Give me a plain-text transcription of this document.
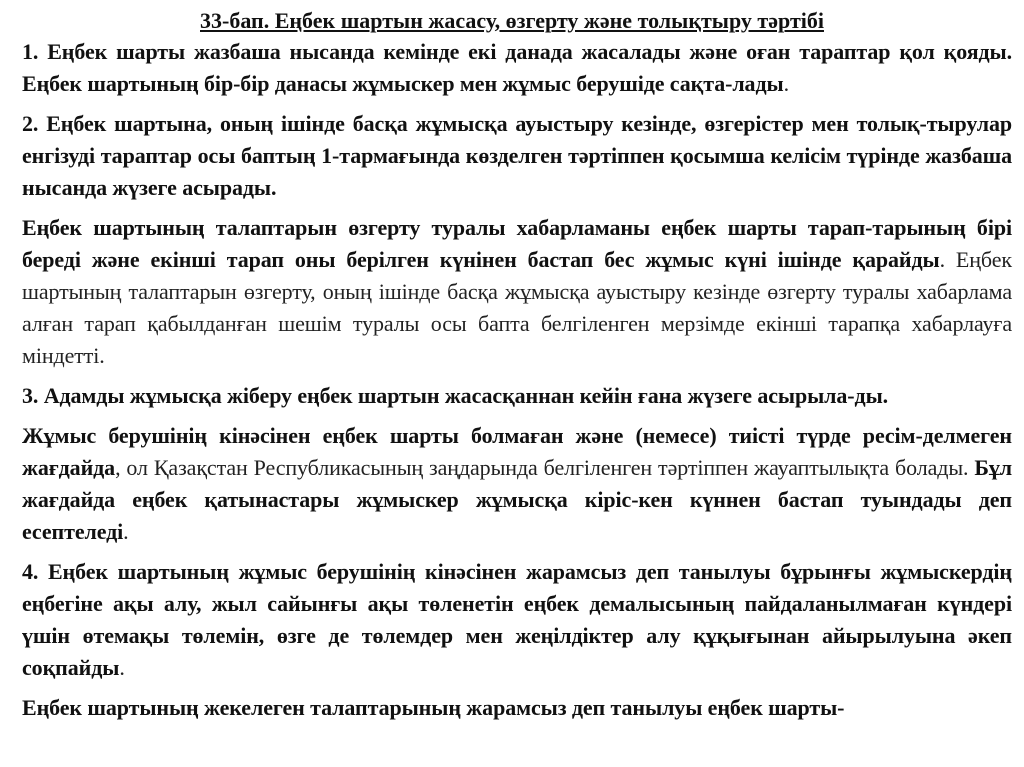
33-бап. Еңбек шартын жасасу, өзгерту және толықтыру тәртібі

1. Еңбек шарты жазбаша нысанда кемінде екі данада жасалады және оған тараптар қол қояды. Еңбек шартының бір-бір данасы жұмыскер мен жұмыс берушіде сақта-лады.

2. Еңбек шартына, оның ішінде басқа жұмысқа ауыстыру кезінде, өзгерістер мен толық-тырулар енгізуді тараптар осы баптың 1-тармағында көзделген тәртіппен қосымша келісім түрінде жазбаша нысанда жүзеге асырады.

Еңбек шартының талаптарын өзгерту туралы хабарламаны еңбек шарты тарап-тарының бірі береді және екінші тарап оны берілген күнінен бастап бес жұмыс күні ішінде қарайды. Еңбек шартының талаптарын өзгерту, оның ішінде басқа жұмысқа ауыстыру кезінде өзгерту туралы хабарлама алған тарап қабылданған шешім туралы осы бапта белгіленген мерзімде екінші тарапқа хабарлауға міндетті.

3. Адамды жұмысқа жіберу еңбек шартын жасасқаннан кейін ғана жүзеге асырыла-ды.

Жұмыс берушінің кінәсінен еңбек шарты болмаған және (немесе) тиісті түрде ресім-делмеген жағдайда, ол Қазақстан Республикасының заңдарында белгіленген тәртіппен жауаптылықта болады. Бұл жағдайда еңбек қатынастары жұмыскер жұмысқа кіріс-кен күннен бастап туындады деп есептеледі.

4. Еңбек шартының жұмыс берушінің кінәсінен жарамсыз деп танылуы бұрынғы жұмыскердің еңбегіне ақы алу, жыл сайынғы ақы төленетін еңбек демалысының пайдаланылмаған күндері үшін өтемақы төлемін, өзге де төлемдер мен жеңілдіктер алу құқығынан айырылуына әкеп соқпайды.

Еңбек шартының жекелеген талаптарының жарамсыз деп танылуы еңбек шарты-
